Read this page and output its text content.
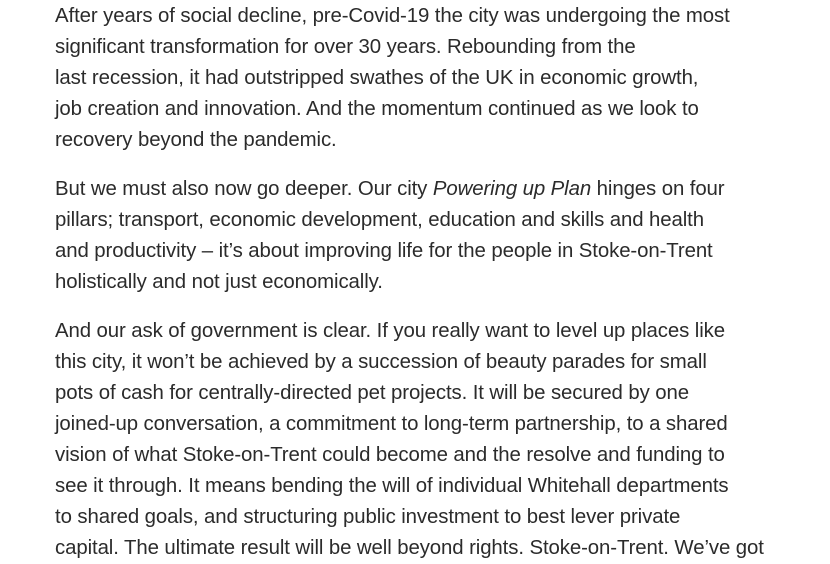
After years of social decline, pre-Covid-19 the city was undergoing the most
significant transformation for over 30 years. Rebounding from the
last recession, it had outstripped swathes of the UK in economic growth,
job creation and innovation. And the momentum continued as we look to
recovery beyond the pandemic.

But we must also now go deeper. Our city Powering up Plan hinges on four
pillars; transport, economic development, education and skills and health
and productivity – it’s about improving life for the people in Stoke-on-Trent
holistically and not just economically.

And our ask of government is clear. If you really want to level up places like
this city, it won’t be achieved by a succession of beauty parades for small
pots of cash for centrally-directed pet projects. It will be secured by one
joined-up conversation, a commitment to long-term partnership, to a shared
vision of what Stoke-on-Trent could become and the resolve and funding to
see it through. It means bending the will of individual Whitehall departments
to shared goals, and structuring public investment to best lever private
capital. The ultimate result will be well beyond rights. Stoke-on-Trent. We’ve got
